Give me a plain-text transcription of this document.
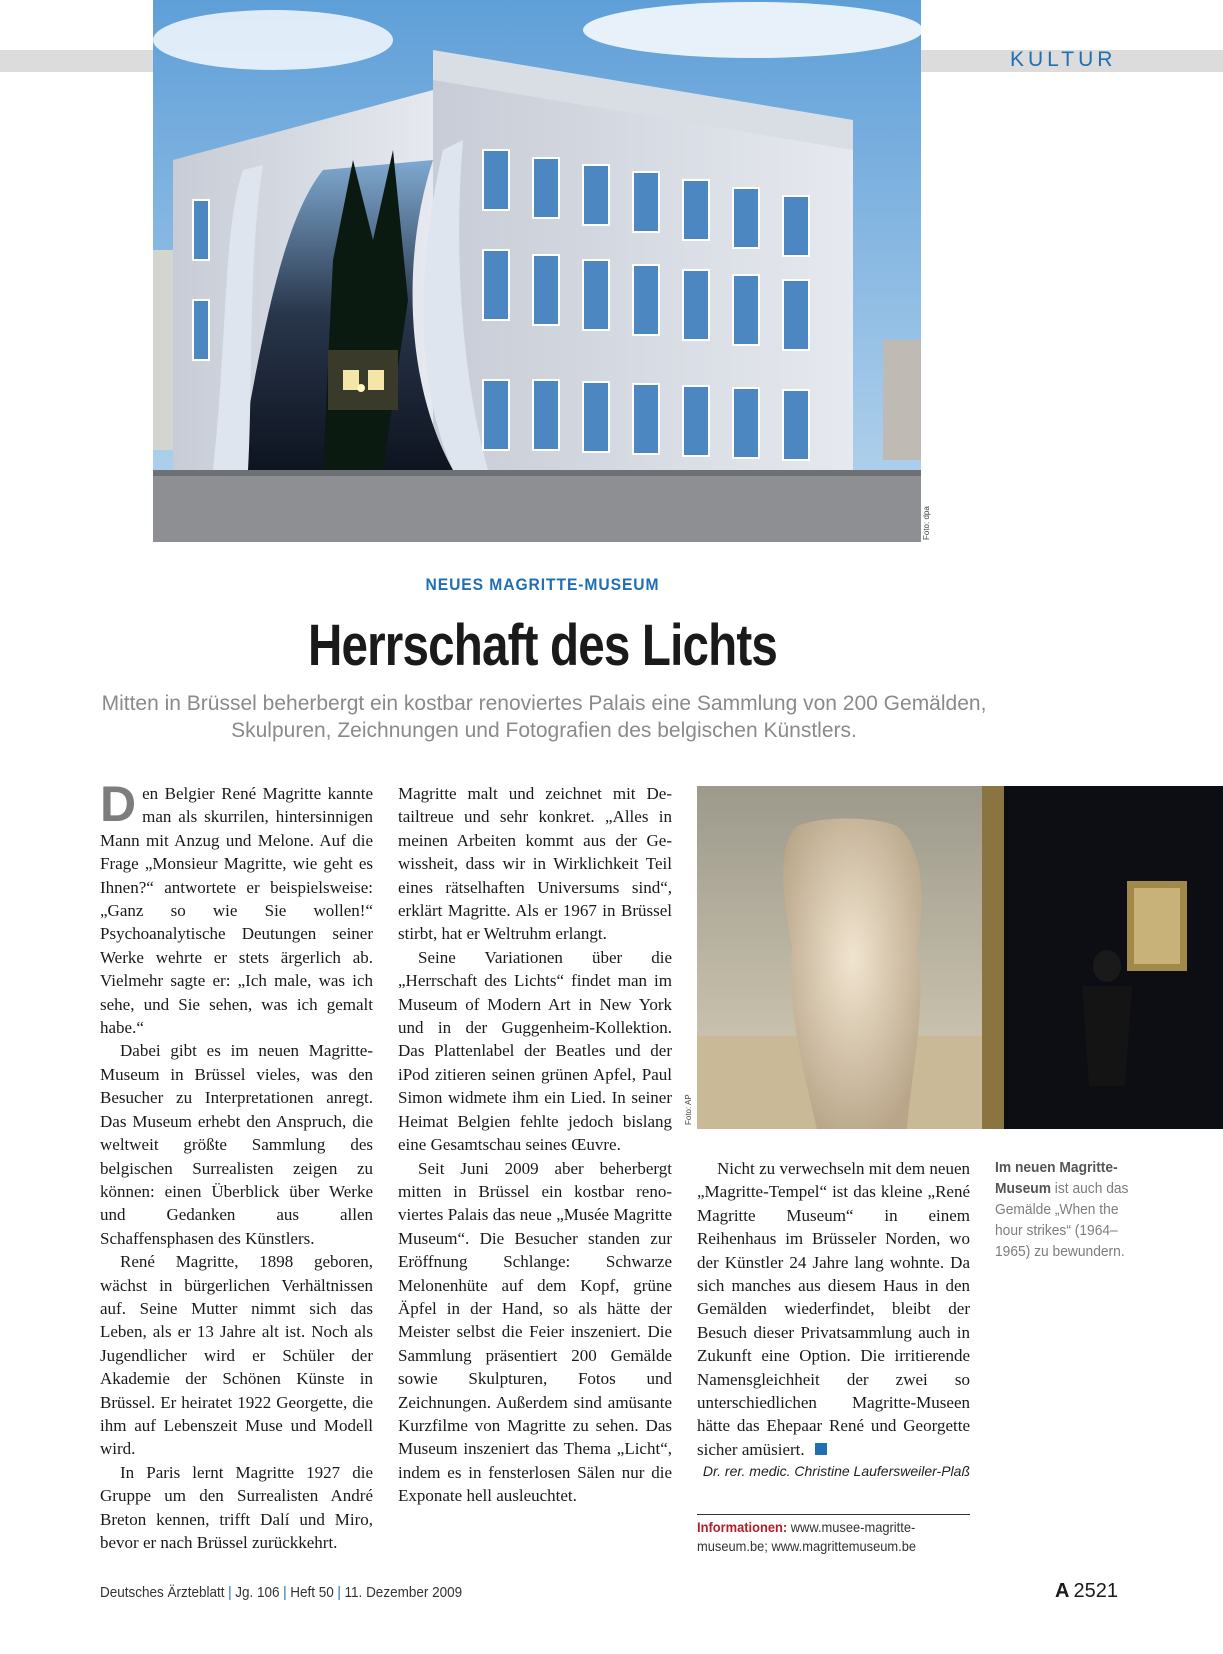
KULTUR
Foto: dpa
NEUES MAGRITTE-MUSEUM
Herrschaft des Lichts
Mitten in Brüssel beherbergt ein kostbar renoviertes Palais eine Sammlung von 200 Gemälden, Skulpuren, Zeichnungen und Fotografien des belgischen Künstlers.

Den Belgier René Magritte kannte man als skurrilen, hintersinnigen Mann mit Anzug und Melone. Auf die Frage „Monsieur Magritte, wie geht es Ihnen?“ antwortete er beispielsweise: „Ganz so wie Sie wollen!“ Psychoanalytische Deutungen seiner Werke wehrte er stets ärgerlich ab. Vielmehr sagte er: „Ich male, was ich sehe, und Sie sehen, was ich gemalt habe.“

Dabei gibt es im neuen Magritte-Museum in Brüssel vieles, was den Besucher zu Interpretationen anregt. Das Museum erhebt den Anspruch, die weltweit größte Sammlung des belgischen Surrealisten zeigen zu können: einen Überblick über Werke und Gedanken aus allen Schaffensphasen des Künstlers.

René Magritte, 1898 geboren, wächst in bürgerlichen Verhältnissen auf. Seine Mutter nimmt sich das Leben, als er 13 Jahre alt ist. Noch als Jugendlicher wird er Schüler der Akademie der Schönen Künste in Brüssel. Er heiratet 1922 Georgette, die ihm auf Lebenszeit Muse und Modell wird.

In Paris lernt Magritte 1927 die Gruppe um den Surrealisten André Breton kennen, trifft Dalí und Miro, bevor er nach Brüssel zurückkehrt.

Magritte malt und zeichnet mit Detailtreue und sehr konkret. „Alles in meinen Arbeiten kommt aus der Gewissheit, dass wir in Wirklichkeit Teil eines rätselhaften Universums sind“, erklärt Magritte. Als er 1967 in Brüssel stirbt, hat er Weltruhm erlangt.

Seine Variationen über die „Herrschaft des Lichts“ findet man im Museum of Modern Art in New York und in der Guggenheim-Kollektion. Das Plattenlabel der Beatles und der iPod zitieren seinen grünen Apfel, Paul Simon widmete ihm ein Lied. In seiner Heimat Belgien fehlte jedoch bislang eine Gesamtschau seines Œuvre.

Seit Juni 2009 aber beherbergt mitten in Brüssel ein kostbar renoviertes Palais das neue „Musée Magritte Museum“. Die Besucher standen zur Eröffnung Schlange: Schwarze Melonenhüte auf dem Kopf, grüne Äpfel in der Hand, so als hätte der Meister selbst die Feier inszeniert. Die Sammlung präsentiert 200 Gemälde sowie Skulpturen, Fotos und Zeichnungen. Außerdem sind amüsante Kurzfilme von Magritte zu sehen. Das Museum inszeniert das Thema „Licht“, indem es in fensterlosen Sälen nur die Exponate hell ausleuchtet.

Foto: AP

Nicht zu verwechseln mit dem neuen „Magritte-Tempel“ ist das kleine „René Magritte Museum“ in einem Reihenhaus im Brüsseler Norden, wo der Künstler 24 Jahre lang wohnte. Da sich manches aus diesem Haus in den Gemälden wiederfindet, bleibt der Besuch dieser Privatsammlung auch in Zukunft eine Option. Die irritierende Namensgleichheit der zwei so unterschiedlichen Magritte-Museen hätte das Ehepaar René und Georgette sicher amüsiert.

Dr. rer. medic. Christine Laufersweiler-Plaß
Im neuen Magritte-Museum ist auch das Gemälde „When the hour strikes“ (1964–1965) zu bewundern.
Informationen: www.musee-magritte-museum.be; www.magrittemuseum.be
Deutsches Ärzteblatt | Jg. 106 | Heft 50 | 11. Dezember 2009	A 2521
